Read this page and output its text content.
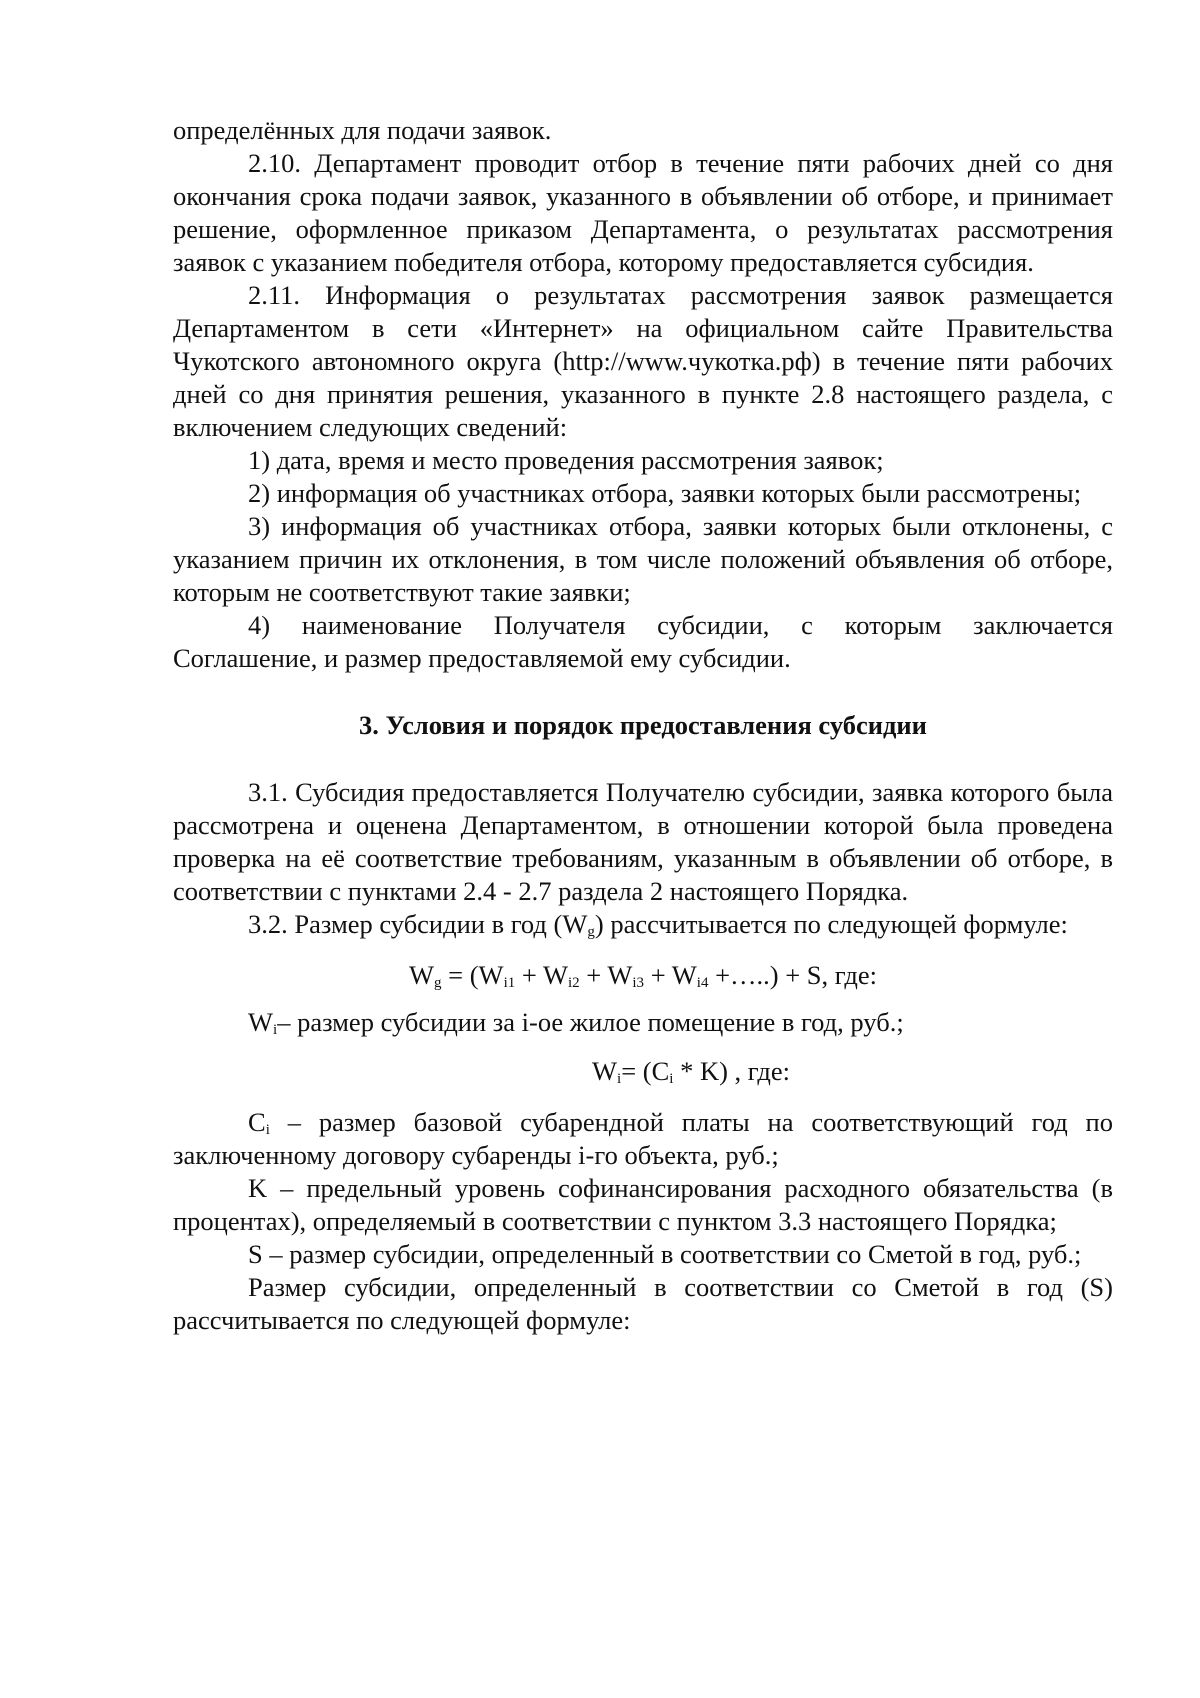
определённых для подачи заявок.

2.10. Департамент проводит отбор в течение пяти рабочих дней со дня окончания срока подачи заявок, указанного в объявлении об отборе, и принимает решение, оформленное приказом Департамента, о результатах рассмотрения заявок с указанием победителя отбора, которому предоставляется субсидия.

2.11. Информация о результатах рассмотрения заявок размещается Департаментом в сети «Интернет» на официальном сайте Правительства Чукотского автономного округа (http://www.чукотка.рф) в течение пяти рабочих дней со дня принятия решения, указанного в пункте 2.8 настоящего раздела, с включением следующих сведений:

1) дата, время и место проведения рассмотрения заявок;

2) информация об участниках отбора, заявки которых были рассмотрены;

3) информация об участниках отбора, заявки которых были отклонены, с указанием причин их отклонения, в том числе положений объявления об отборе, которым не соответствуют такие заявки;

4) наименование Получателя субсидии, с которым заключается Соглашение, и размер предоставляемой ему субсидии.

3. Условия и порядок предоставления субсидии

3.1. Субсидия предоставляется Получателю субсидии, заявка которого была рассмотрена и оценена Департаментом, в отношении которой была проведена проверка на её соответствие требованиям, указанным в объявлении об отборе, в соответствии с пунктами 2.4 - 2.7 раздела 2 настоящего Порядка.

3.2. Размер субсидии в год $(W_g)$ рассчитывается по следующей формуле:

$W_g = (W_{i1} + W_{i2} + W_{i3} + W_{i4}$ +…..) + S, где:

$W_i-$ размер субсидии за i-ое жилое помещение в год, руб.;

$W_i= (C_i * K)$ , где:

$C_i$ – размер базовой субарендной платы на соответствующий год по заключенному договору субаренды i-го объекта, руб.;

K – предельный уровень софинансирования расходного обязательства (в процентах), определяемый в соответствии с пунктом 3.3 настоящего Порядка;

S – размер субсидии, определенный в соответствии со Сметой в год, руб.;

Размер субсидии, определенный в соответствии со Сметой в год (S) рассчитывается по следующей формуле:
